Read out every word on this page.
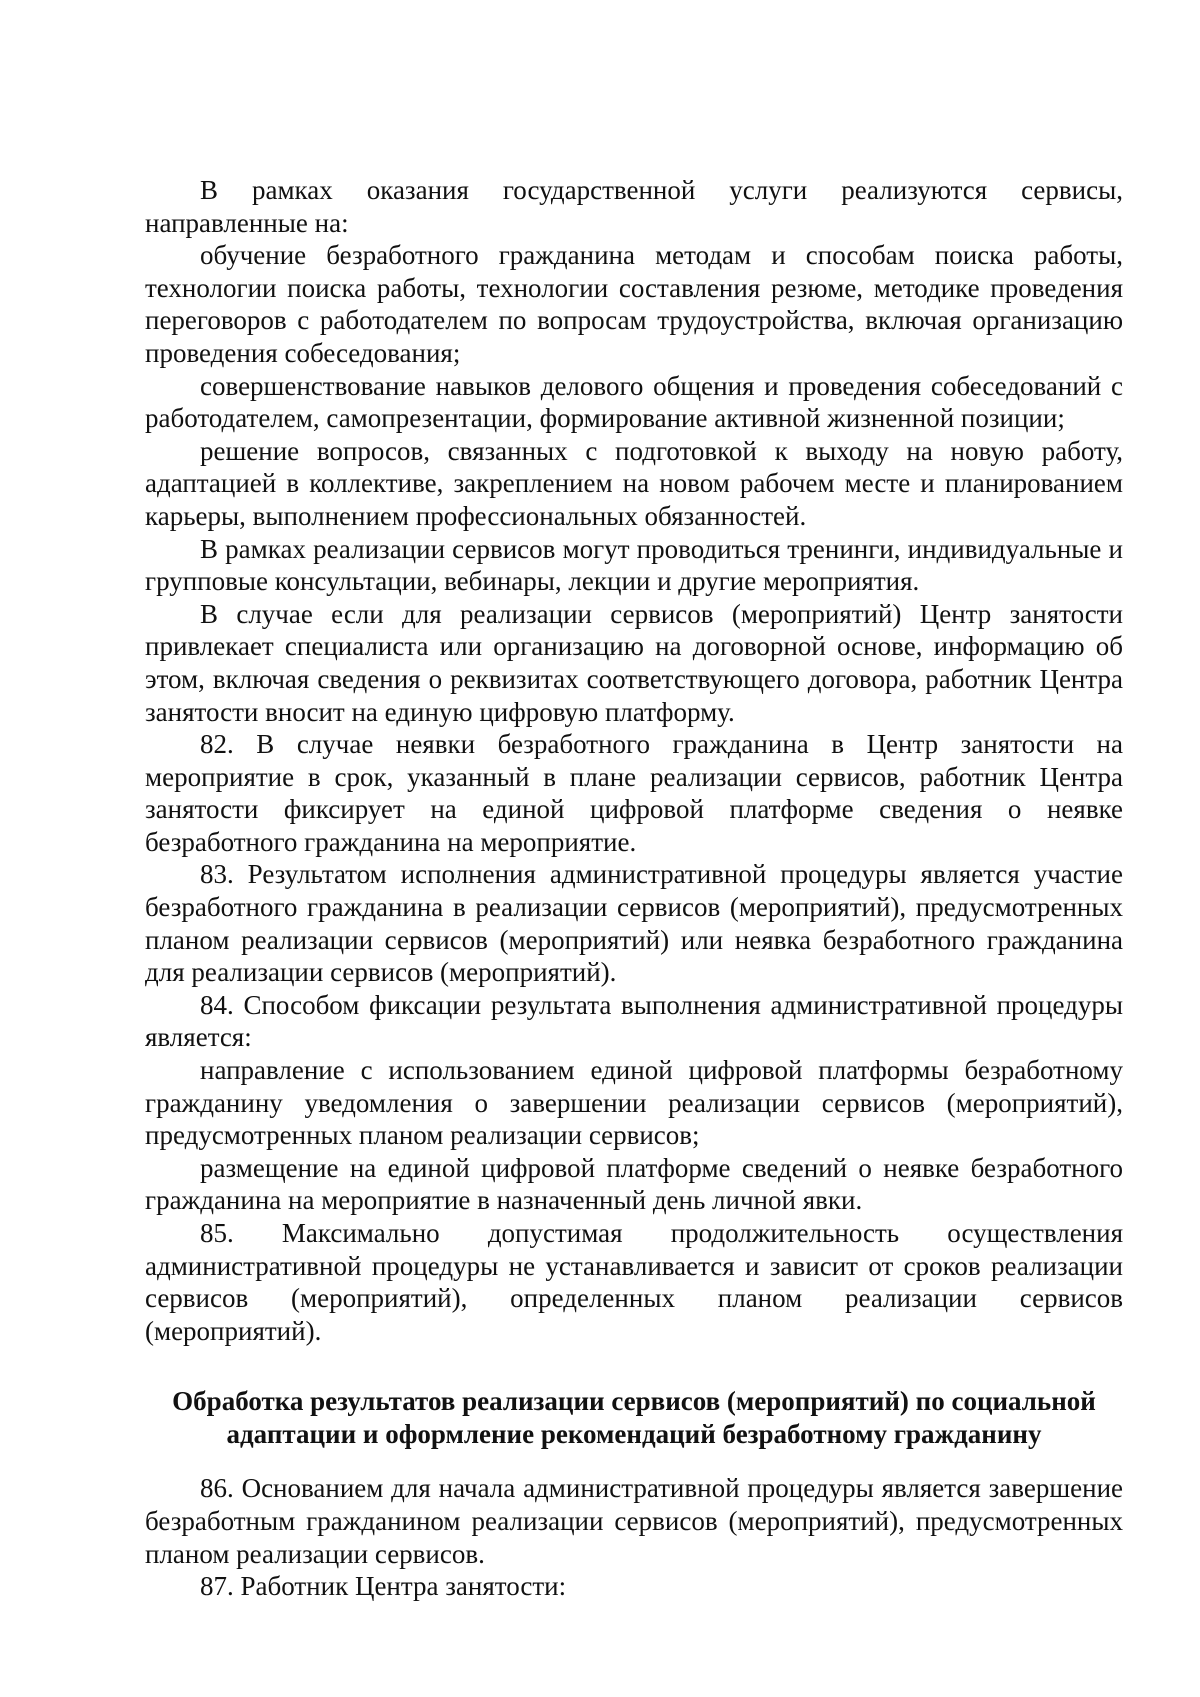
В рамках оказания государственной услуги реализуются сервисы, направленные на:

обучение безработного гражданина методам и способам поиска работы, технологии поиска работы, технологии составления резюме, методике проведения переговоров с работодателем по вопросам трудоустройства, включая организацию проведения собеседования;

совершенствование навыков делового общения и проведения собеседований с работодателем, самопрезентации, формирование активной жизненной позиции;

решение вопросов, связанных с подготовкой к выходу на новую работу, адаптацией в коллективе, закреплением на новом рабочем месте и планированием карьеры, выполнением профессиональных обязанностей.

В рамках реализации сервисов могут проводиться тренинги, индивидуальные и групповые консультации, вебинары, лекции и другие мероприятия.

В случае если для реализации сервисов (мероприятий) Центр занятости привлекает специалиста или организацию на договорной основе, информацию об этом, включая сведения о реквизитах соответствующего договора, работник Центра занятости вносит на единую цифровую платформу.

82. В случае неявки безработного гражданина в Центр занятости на мероприятие в срок, указанный в плане реализации сервисов, работник Центра занятости фиксирует на единой цифровой платформе сведения о неявке безработного гражданина на мероприятие.

83. Результатом исполнения административной процедуры является участие безработного гражданина в реализации сервисов (мероприятий), предусмотренных планом реализации сервисов (мероприятий) или неявка безработного гражданина для реализации сервисов (мероприятий).

84. Способом фиксации результата выполнения административной процедуры является:

направление с использованием единой цифровой платформы безработному гражданину уведомления о завершении реализации сервисов (мероприятий), предусмотренных планом реализации сервисов;

размещение на единой цифровой платформе сведений о неявке безработного гражданина на мероприятие в назначенный день личной явки.

85. Максимально допустимая продолжительность осуществления административной процедуры не устанавливается и зависит от сроков реализации сервисов (мероприятий), определенных планом реализации сервисов (мероприятий).

Обработка результатов реализации сервисов (мероприятий) по социальной
адаптации и оформление рекомендаций безработному гражданину

86. Основанием для начала административной процедуры является завершение безработным гражданином реализации сервисов (мероприятий), предусмотренных планом реализации сервисов.

87. Работник Центра занятости:
